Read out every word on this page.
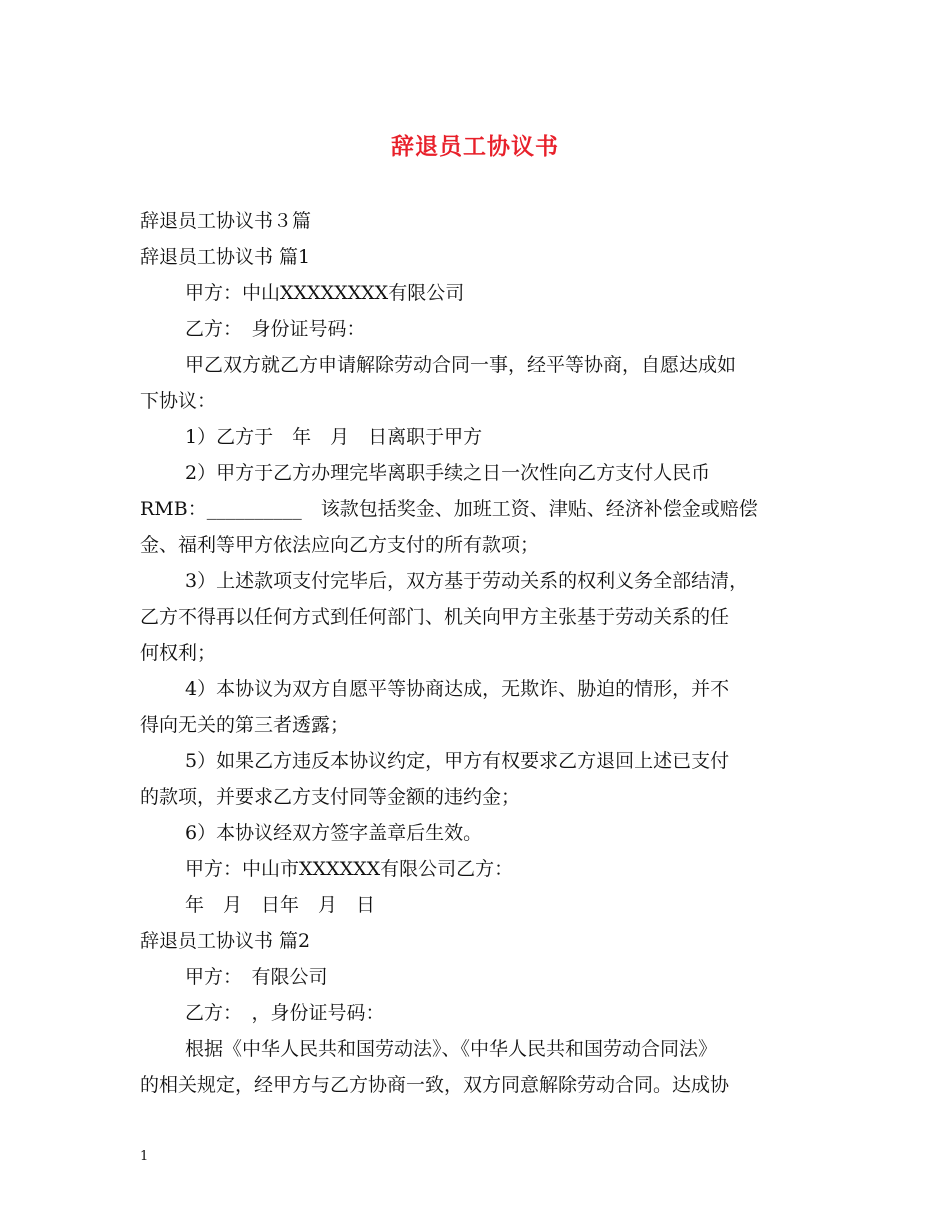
辞退员工协议书
辞退员工协议书３篇
辞退员工协议书 篇1
甲方：中山XXXXXXXX有限公司
乙方：　身份证号码：
甲乙双方就乙方申请解除劳动合同一事，经平等协商，自愿达成如
下协议：
1）乙方于　年　月　日离职于甲方
2）甲方于乙方办理完毕离职手续之日一次性向乙方支付人民币
RMB：__________　该款包括奖金、加班工资、津贴、经济补偿金或赔偿
金、福利等甲方依法应向乙方支付的所有款项；
3）上述款项支付完毕后，双方基于劳动关系的权利义务全部结清，
乙方不得再以任何方式到任何部门、机关向甲方主张基于劳动关系的任
何权利；
4）本协议为双方自愿平等协商达成，无欺诈、胁迫的情形，并不
得向无关的第三者透露；
5）如果乙方违反本协议约定，甲方有权要求乙方退回上述已支付
的款项，并要求乙方支付同等金额的违约金；
6）本协议经双方签字盖章后生效。
甲方：中山市XXXXXX有限公司乙方：
年　月　日年　月　日
辞退员工协议书 篇2
甲方：　有限公司
乙方：　，身份证号码：
根据《中华人民共和国劳动法》、《中华人民共和国劳动合同法》
的相关规定，经甲方与乙方协商一致，双方同意解除劳动合同。达成协
1
